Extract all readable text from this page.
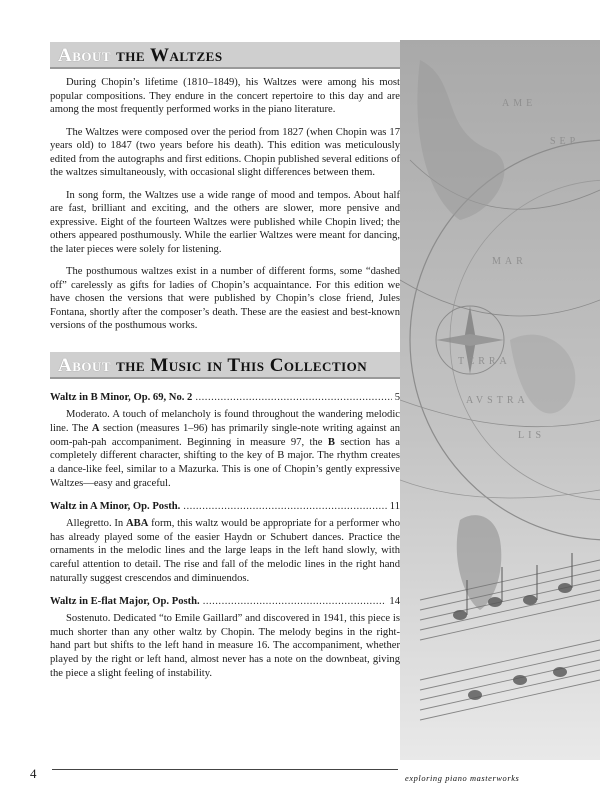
AME
SEP
MAR
TERRA
AVSTRA
LIS
About the Waltzes

During Chopin’s lifetime (1810–1849), his Waltzes were among his most popular compositions. They endure in the concert repertoire to this day and are among the most frequently performed works in the piano literature.

The Waltzes were composed over the period from 1827 (when Chopin was 17 years old) to 1847 (two years before his death). This edition was meticulously edited from the autographs and first editions. Chopin published several editions of the waltzes simultaneously, with occasional slight differences between them.

In song form, the Waltzes use a wide range of mood and tempos. About half are fast, brilliant and exciting, and the others are slower, more pensive and expressive. Eight of the fourteen Waltzes were published while Chopin lived; the others appeared posthumously. While the earlier Waltzes were meant for dancing, the later pieces were solely for listening.

The posthumous waltzes exist in a number of different forms, some “dashed off” carelessly as gifts for ladies of Chopin’s acquaintance. For this edition we have chosen the versions that were published by Chopin’s close friend, Jules Fontana, shortly after the composer’s death. These are the easiest and best-known versions of the posthumous works.

About the Music in This Collection
Waltz in B Minor, Op. 69, No. 2 .....	5

Moderato. A touch of melancholy is found throughout the wandering melodic line. The A section (measures 1–96) has primarily single-note writing against an oom-pah-pah accompaniment. Beginning in measure 97, the B section has a completely different character, shifting to the key of B major. The rhythm creates a dance-like feel, similar to a Mazurka. This is one of Chopin’s gently expressive Waltzes—easy and graceful.

Waltz in A Minor, Op. Posth. .....	11

Allegretto. In ABA form, this waltz would be appropriate for a performer who has already played some of the easier Haydn or Schubert dances. Practice the ornaments in the melodic lines and the large leaps in the left hand slowly, with careful attention to detail. The rise and fall of the melodic lines in the right hand naturally suggest crescendos and diminuendos.

Waltz in E-flat Major, Op. Posth. .....	14

Sostenuto. Dedicated “to Emile Gaillard” and discovered in 1941, this piece is much shorter than any other waltz by Chopin. The melody begins in the right-hand part but shifts to the left hand in measure 16. The accompaniment, whether played by the right or left hand, almost never has a note on the downbeat, giving the piece a slight feeling of instability.

4	exploring piano masterworks
